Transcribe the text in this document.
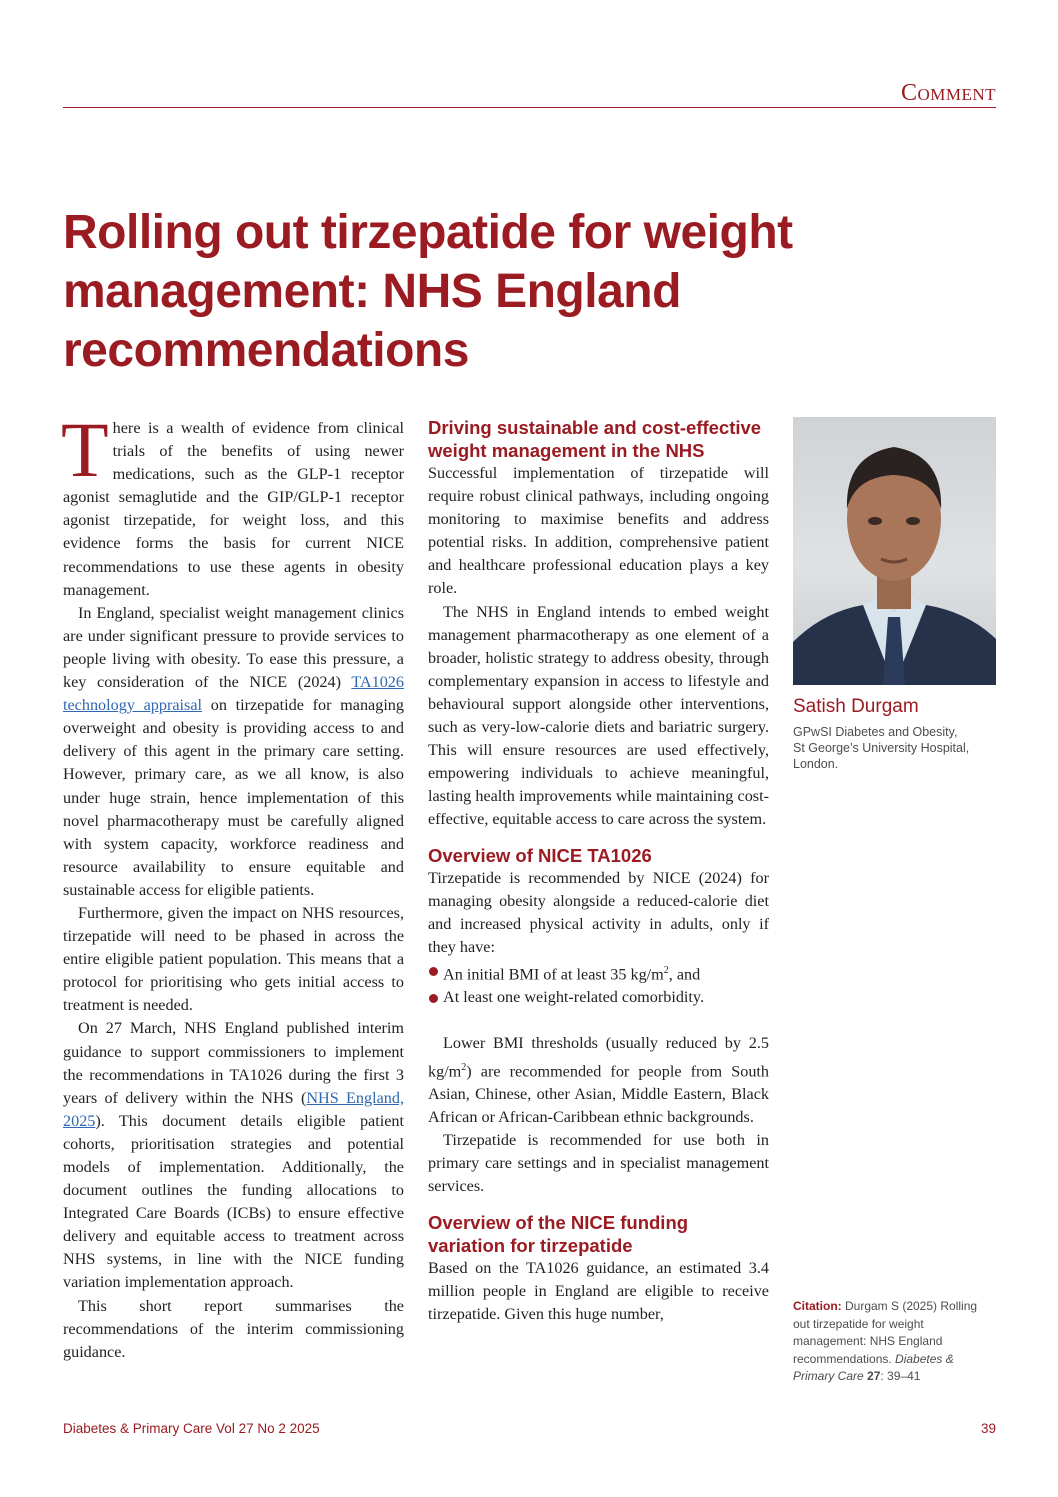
Comment
Rolling out tirzepatide for weight management: NHS England recommendations

There is a wealth of evidence from clinical trials of the benefits of using newer medications, such as the GLP-1 receptor agonist semaglutide and the GIP/GLP-1 receptor agonist tirzepatide, for weight loss, and this evidence forms the basis for current NICE recommendations to use these agents in obesity management.

In England, specialist weight management clinics are under significant pressure to provide services to people living with obesity. To ease this pressure, a key consideration of the NICE (2024) TA1026 technology appraisal on tirzepatide for managing overweight and obesity is providing access to and delivery of this agent in the primary care setting. However, primary care, as we all know, is also under huge strain, hence implementation of this novel pharmacotherapy must be carefully aligned with system capacity, workforce readiness and resource availability to ensure equitable and sustainable access for eligible patients.

Furthermore, given the impact on NHS resources, tirzepatide will need to be phased in across the entire eligible patient population. This means that a protocol for prioritising who gets initial access to treatment is needed.

On 27 March, NHS England published interim guidance to support commissioners to implement the recommendations in TA1026 during the first 3 years of delivery within the NHS (NHS England, 2025). This document details eligible patient cohorts, prioritisation strategies and potential models of implementation. Additionally, the document outlines the funding allocations to Integrated Care Boards (ICBs) to ensure effective delivery and equitable access to treatment across NHS systems, in line with the NICE funding variation implementation approach.

This short report summarises the recommendations of the interim commissioning guidance.

Driving sustainable and cost-effective weight management in the NHS

Successful implementation of tirzepatide will require robust clinical pathways, including ongoing monitoring to maximise benefits and address potential risks. In addition, comprehensive patient and healthcare professional education plays a key role.

The NHS in England intends to embed weight management pharmacotherapy as one element of a broader, holistic strategy to address obesity, through complementary expansion in access to lifestyle and behavioural support alongside other interventions, such as very-low-calorie diets and bariatric surgery. This will ensure resources are used effectively, empowering individuals to achieve meaningful, lasting health improvements while maintaining cost-effective, equitable access to care across the system.

Overview of NICE TA1026

Tirzepatide is recommended by NICE (2024) for managing obesity alongside a reduced-calorie diet and increased physical activity in adults, only if they have:

An initial BMI of at least 35 $kg/m^2$, and
At least one weight-related comorbidity.

Lower BMI thresholds (usually reduced by 2.5 $kg/m^2$) are recommended for people from South Asian, Chinese, other Asian, Middle Eastern, Black African or African-Caribbean ethnic backgrounds.

Tirzepatide is recommended for use both in primary care settings and in specialist management services.

Overview of the NICE funding variation for tirzepatide

Based on the TA1026 guidance, an estimated 3.4 million people in England are eligible to receive tirzepatide. Given this huge number,

Satish Durgam
GPwSI Diabetes and Obesity,
St George’s University Hospital,
London.
Citation: Durgam S (2025) Rolling out tirzepatide for weight management: NHS England recommendations. Diabetes & Primary Care 27: 39–41
Diabetes & Primary Care Vol 27 No 2 2025	39
